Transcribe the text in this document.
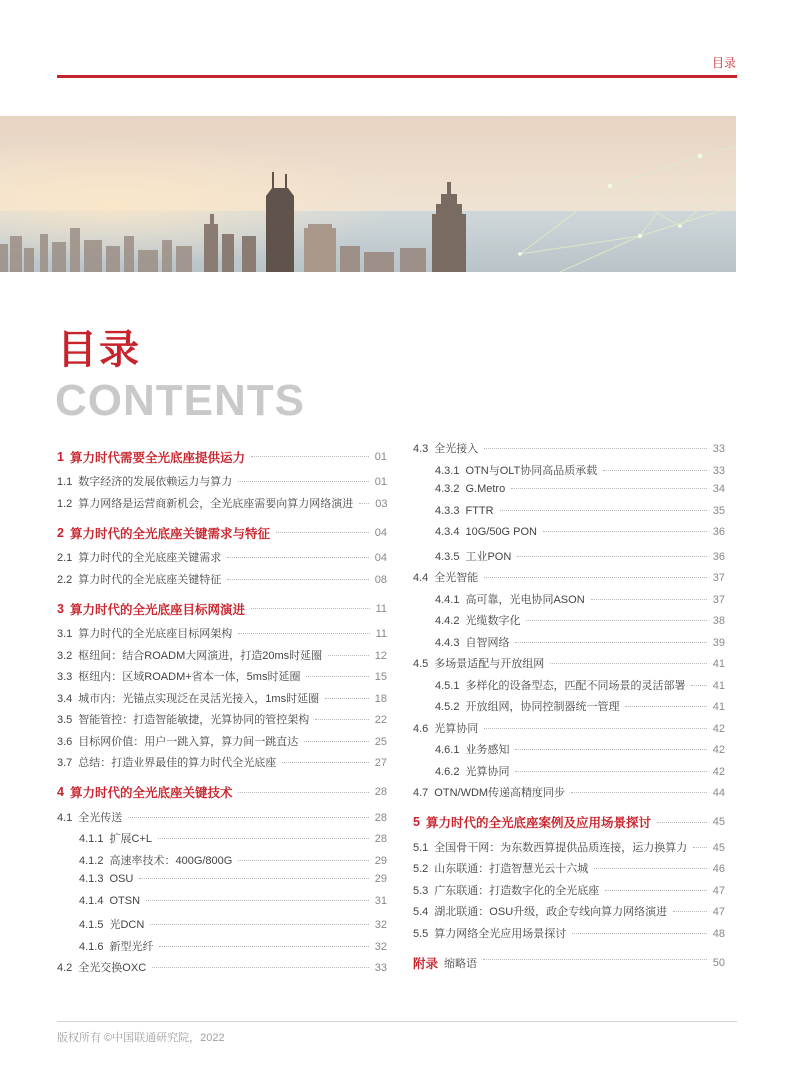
目录
目录
CONTENTS
1 算力时代需要全光底座提供运力	01
1.1 数字经济的发展依赖运力与算力	01
1.2 算力网络是运营商新机会，全光底座需要向算力网络演进 03
2 算力时代的全光底座关键需求与特征	04
2.1 算力时代的全光底座关键需求	04
2.2 算力时代的全光底座关键特征	08
3 算力时代的全光底座目标网演进	11
3.1 算力时代的全光底座目标网架构	11
3.2 枢纽间：结合ROADM大网演进，打造20ms时延圈	12
3.3 枢纽内：区域ROADM+省本一体，5ms时延圈	15
3.4 城市内：光锚点实现泛在灵活光接入，1ms时延圈	18
3.5 智能管控：打造智能敏捷，光算协同的管控架构	22
3.6 目标网价值：用户一跳入算，算力间一跳直达	25
3.7 总结：打造业界最佳的算力时代全光底座	27
4 算力时代的全光底座关键技术	28
4.1 全光传送	28
4.1.1 扩展C+L	28
4.1.2 高速率技术：400G/800G	29
4.1.3 OSU	29
4.1.4 OTSN	31
4.1.5 光DCN	32
4.1.6 新型光纤	32
4.2 全光交换OXC	33
4.3 全光接入	33
4.3.1 OTN与OLT协同高品质承载	33
4.3.2 G.Metro	34
4.3.3 FTTR	35
4.3.4 10G/50G PON	36
4.3.5 工业PON	36
4.4 全光智能	37
4.4.1 高可靠，光电协同ASON	37
4.4.2 光缆数字化	38
4.4.3 自智网络	39
4.5 多场景适配与开放组网	41
4.5.1 多样化的设备型态，匹配不同场景的灵活部署 41
4.5.2 开放组网，协同控制器统一管理	41
4.6 光算协同	42
4.6.1 业务感知	42
4.6.2 光算协同	42
4.7 OTN/WDM传递高精度同步	44
5 算力时代的全光底座案例及应用场景探讨	45
5.1 全国骨干网：为东数西算提供品质连接，运力换算力 45
5.2 山东联通：打造智慧光云十六城	46
5.3 广东联通：打造数字化的全光底座	47
5.4 湖北联通：OSU升级，政企专线向算力网络演进	47
5.5 算力网络全光应用场景探讨	48
附录 缩略语	50
版权所有 ©中国联通研究院，2022
